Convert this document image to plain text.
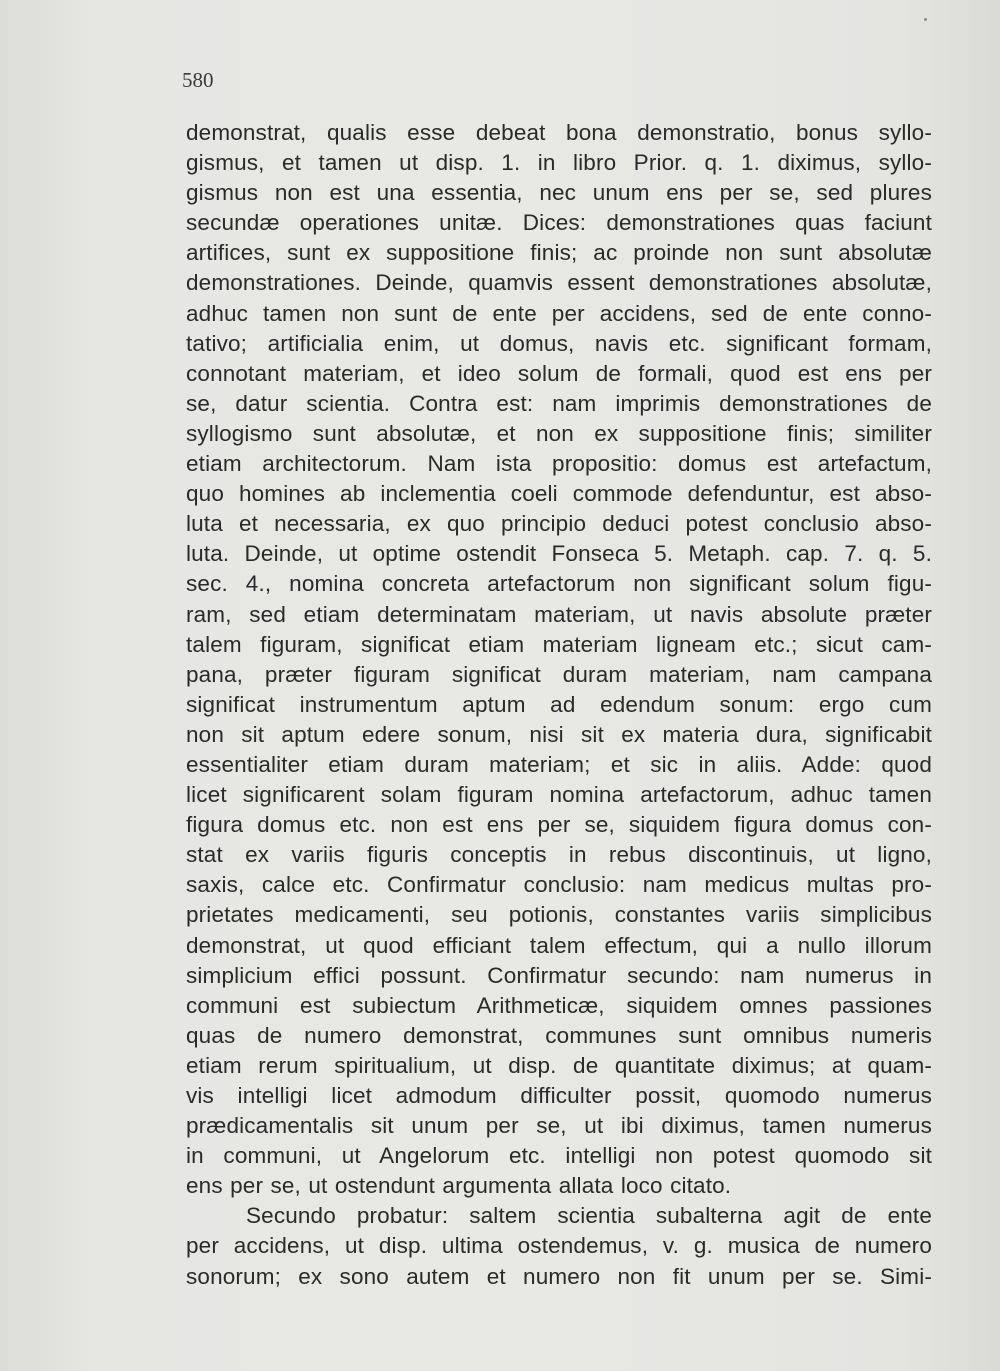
580
demonstrat, qualis esse debeat bona demonstratio, bonus syllo-
gismus, et tamen ut disp. 1. in libro Prior. q. 1. diximus, syllo-
gismus non est una essentia, nec unum ens per se, sed plures
secundæ operationes unitæ. Dices: demonstrationes quas faciunt
artifices, sunt ex suppositione finis; ac proinde non sunt absolutæ
demonstrationes. Deinde, quamvis essent demonstrationes absolutæ,
adhuc tamen non sunt de ente per accidens, sed de ente conno-
tativo; artificialia enim, ut domus, navis etc. significant formam,
connotant materiam, et ideo solum de formali, quod est ens per
se, datur scientia. Contra est: nam imprimis demonstrationes de
syllogismo sunt absolutæ, et non ex suppositione finis; similiter
etiam architectorum. Nam ista propositio: domus est artefactum,
quo homines ab inclementia coeli commode defenduntur, est abso-
luta et necessaria, ex quo principio deduci potest conclusio abso-
luta. Deinde, ut optime ostendit Fonseca 5. Metaph. cap. 7. q. 5.
sec. 4., nomina concreta artefactorum non significant solum figu-
ram, sed etiam determinatam materiam, ut navis absolute præter
talem figuram, significat etiam materiam ligneam etc.; sicut cam-
pana, præter figuram significat duram materiam, nam campana
significat instrumentum aptum ad edendum sonum: ergo cum
non sit aptum edere sonum, nisi sit ex materia dura, significabit
essentialiter etiam duram materiam; et sic in aliis. Adde: quod
licet significarent solam figuram nomina artefactorum, adhuc tamen
figura domus etc. non est ens per se, siquidem figura domus con-
stat ex variis figuris conceptis in rebus discontinuis, ut ligno,
saxis, calce etc. Confirmatur conclusio: nam medicus multas pro-
prietates medicamenti, seu potionis, constantes variis simplicibus
demonstrat, ut quod efficiant talem effectum, qui a nullo illorum
simplicium effici possunt. Confirmatur secundo: nam numerus in
communi est subiectum Arithmeticæ, siquidem omnes passiones
quas de numero demonstrat, communes sunt omnibus numeris
etiam rerum spiritualium, ut disp. de quantitate diximus; at quam-
vis intelligi licet admodum difficulter possit, quomodo numerus
prædicamentalis sit unum per se, ut ibi diximus, tamen numerus
in communi, ut Angelorum etc. intelligi non potest quomodo sit
ens per se, ut ostendunt argumenta allata loco citato.
Secundo probatur: saltem scientia subalterna agit de ente
per accidens, ut disp. ultima ostendemus, v. g. musica de numero
sonorum; ex sono autem et numero non fit unum per se. Simi-
